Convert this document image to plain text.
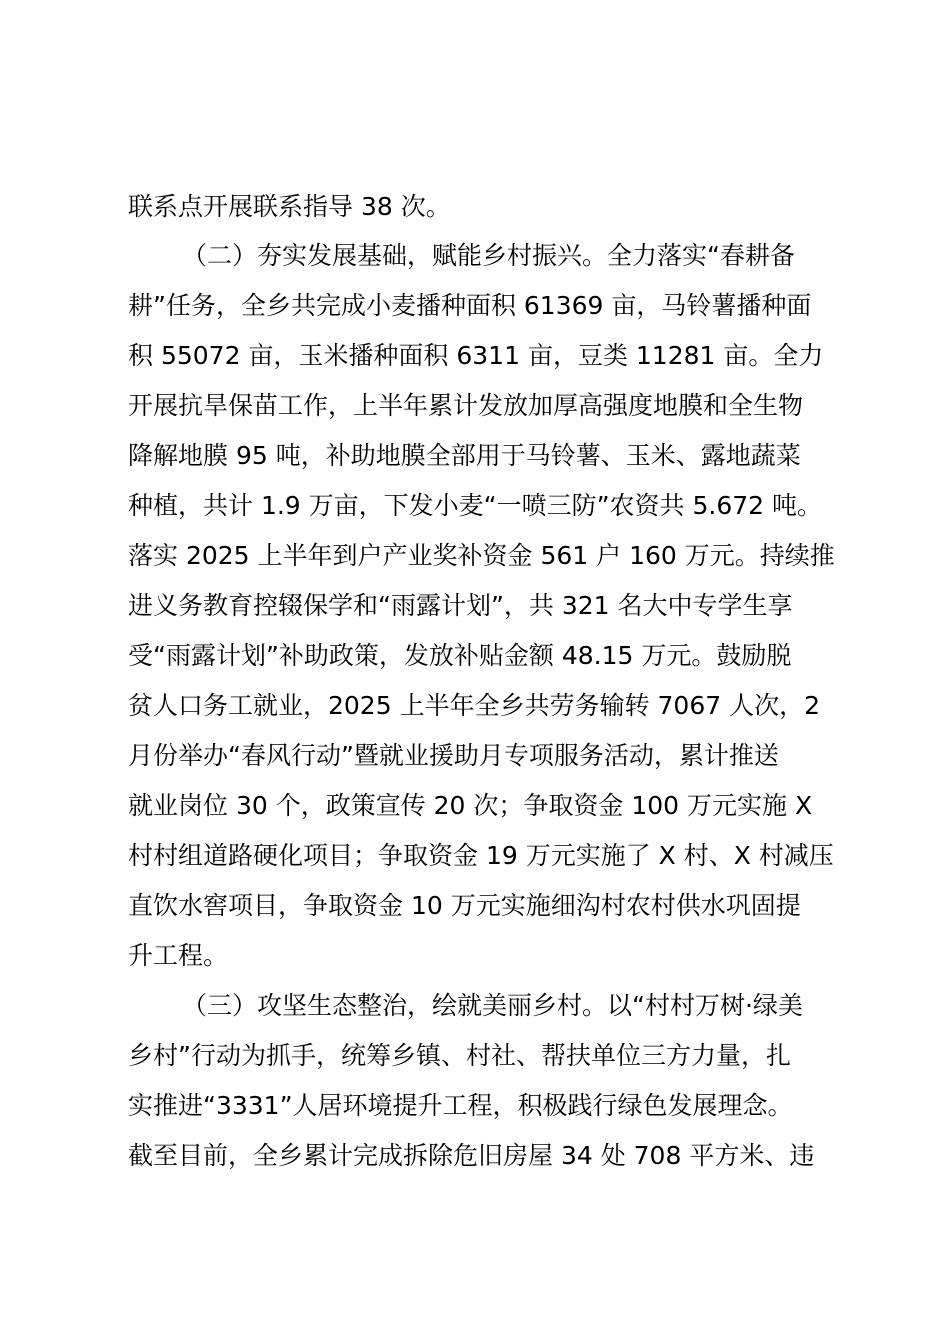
联系点开展联系指导 38 次。
（二）夯实发展基础，赋能乡村振兴。全力落实“春耕备
耕”任务，全乡共完成小麦播种面积 61369 亩，马铃薯播种面
积 55072 亩，玉米播种面积 6311 亩，豆类 11281 亩。全力
开展抗旱保苗工作，上半年累计发放加厚高强度地膜和全生物
降解地膜 95 吨，补助地膜全部用于马铃薯、玉米、露地蔬菜
种植，共计 1.9 万亩，下发小麦“一喷三防”农资共 5.672 吨。
落实 2025 上半年到户产业奖补资金 561 户 160 万元。持续推
进义务教育控辍保学和“雨露计划”，共 321 名大中专学生享
受“雨露计划”补助政策，发放补贴金额 48.15 万元。鼓励脱
贫人口务工就业，2025 上半年全乡共劳务输转 7067 人次，2
月份举办“春风行动”暨就业援助月专项服务活动，累计推送
就业岗位 30 个，政策宣传 20 次；争取资金 100 万元实施 X
村村组道路硬化项目；争取资金 19 万元实施了 X 村、X 村减压
直饮水窖项目，争取资金 10 万元实施细沟村农村供水巩固提
升工程。
（三）攻坚生态整治，绘就美丽乡村。以“村村万树·绿美
乡村”行动为抓手，统筹乡镇、村社、帮扶单位三方力量，扎
实推进“3331”人居环境提升工程，积极践行绿色发展理念。
截至目前，全乡累计完成拆除危旧房屋 34 处 708 平方米、违
